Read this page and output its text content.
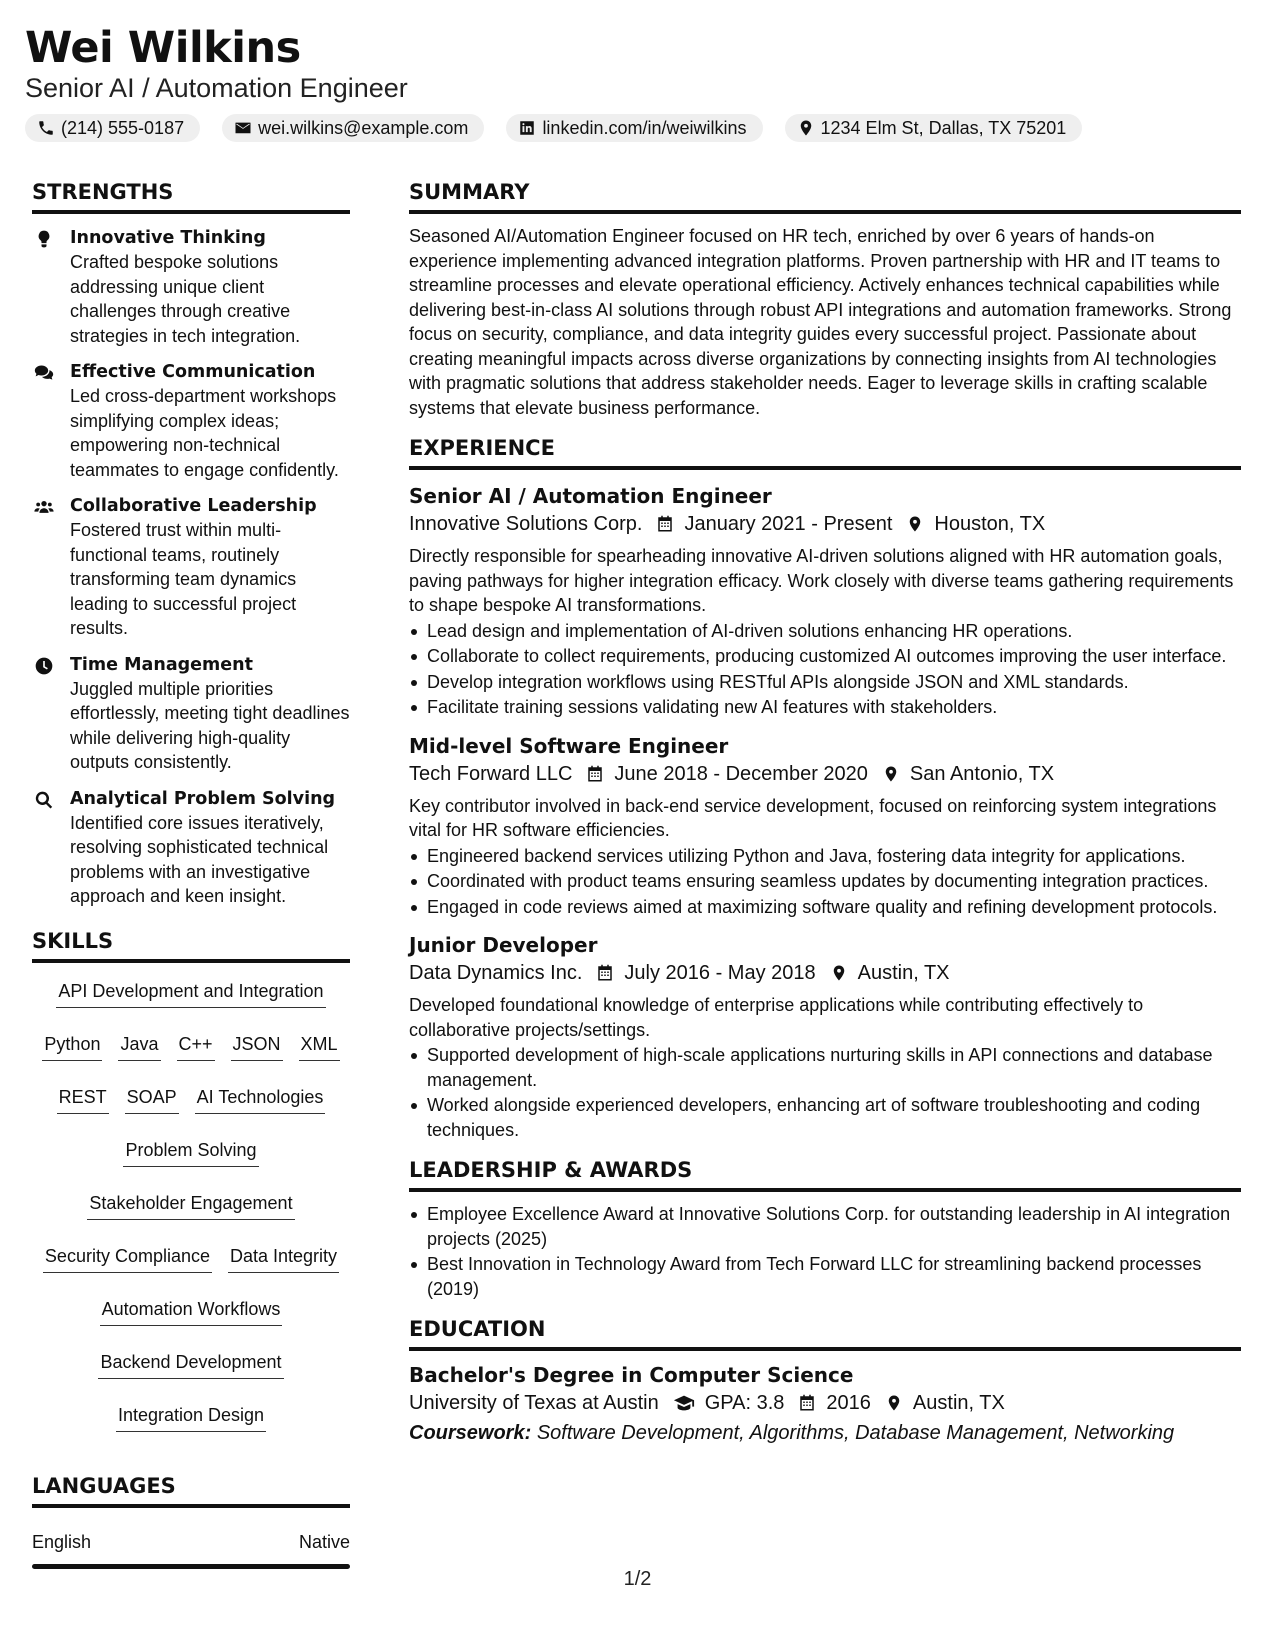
Wei Wilkins
Senior AI / Automation Engineer
(214) 555-0187	wei.wilkins@example.com	linkedin.com/in/weiwilkins	1234 Elm St, Dallas, TX 75201
STRENGTHS
Innovative Thinking
Crafted bespoke solutions addressing unique client challenges through creative strategies in tech integration.
Effective Communication
Led cross-department workshops simplifying complex ideas; empowering non-technical teammates to engage confidently.
Collaborative Leadership
Fostered trust within multi-functional teams, routinely transforming team dynamics leading to successful project results.
Time Management
Juggled multiple priorities effortlessly, meeting tight deadlines while delivering high-quality outputs consistently.
Analytical Problem Solving
Identified core issues iteratively, resolving sophisticated technical problems with an investigative approach and keen insight.
SKILLS
API Development and Integration
Python Java C++ JSON XML
REST SOAP AI Technologies
Problem Solving
Stakeholder Engagement
Security Compliance Data Integrity
Automation Workflows
Backend Development
Integration Design
LANGUAGES
English	Native
SUMMARY

Seasoned AI/Automation Engineer focused on HR tech, enriched by over 6 years of hands-on experience implementing advanced integration platforms. Proven partnership with HR and IT teams to streamline processes and elevate operational efficiency. Actively enhances technical capabilities while delivering best-in-class AI solutions through robust API integrations and automation frameworks. Strong focus on security, compliance, and data integrity guides every successful project. Passionate about creating meaningful impacts across diverse organizations by connecting insights from AI technologies with pragmatic solutions that address stakeholder needs. Eager to leverage skills in crafting scalable systems that elevate business performance.

EXPERIENCE
Senior AI / Automation Engineer
Innovative Solutions Corp. January 2021 - Present Houston, TX

Directly responsible for spearheading innovative AI-driven solutions aligned with HR automation goals, paving pathways for higher integration efficacy. Work closely with diverse teams gathering requirements to shape bespoke AI transformations.

Lead design and implementation of AI-driven solutions enhancing HR operations.
Collaborate to collect requirements, producing customized AI outcomes improving the user interface.
Develop integration workflows using RESTful APIs alongside JSON and XML standards.
Facilitate training sessions validating new AI features with stakeholders.
Mid-level Software Engineer
Tech Forward LLC June 2018 - December 2020 San Antonio, TX

Key contributor involved in back-end service development, focused on reinforcing system integrations vital for HR software efficiencies.

Engineered backend services utilizing Python and Java, fostering data integrity for applications.
Coordinated with product teams ensuring seamless updates by documenting integration practices.
Engaged in code reviews aimed at maximizing software quality and refining development protocols.
Junior Developer
Data Dynamics Inc. July 2016 - May 2018 Austin, TX

Developed foundational knowledge of enterprise applications while contributing effectively to collaborative projects/settings.

Supported development of high-scale applications nurturing skills in API connections and database management.
Worked alongside experienced developers, enhancing art of software troubleshooting and coding techniques.
LEADERSHIP & AWARDS
Employee Excellence Award at Innovative Solutions Corp. for outstanding leadership in AI integration projects (2025)
Best Innovation in Technology Award from Tech Forward LLC for streamlining backend processes (2019)
EDUCATION
Bachelor's Degree in Computer Science
University of Texas at Austin GPA: 3.8 2016 Austin, TX
Coursework: Software Development, Algorithms, Database Management, Networking
1/2
